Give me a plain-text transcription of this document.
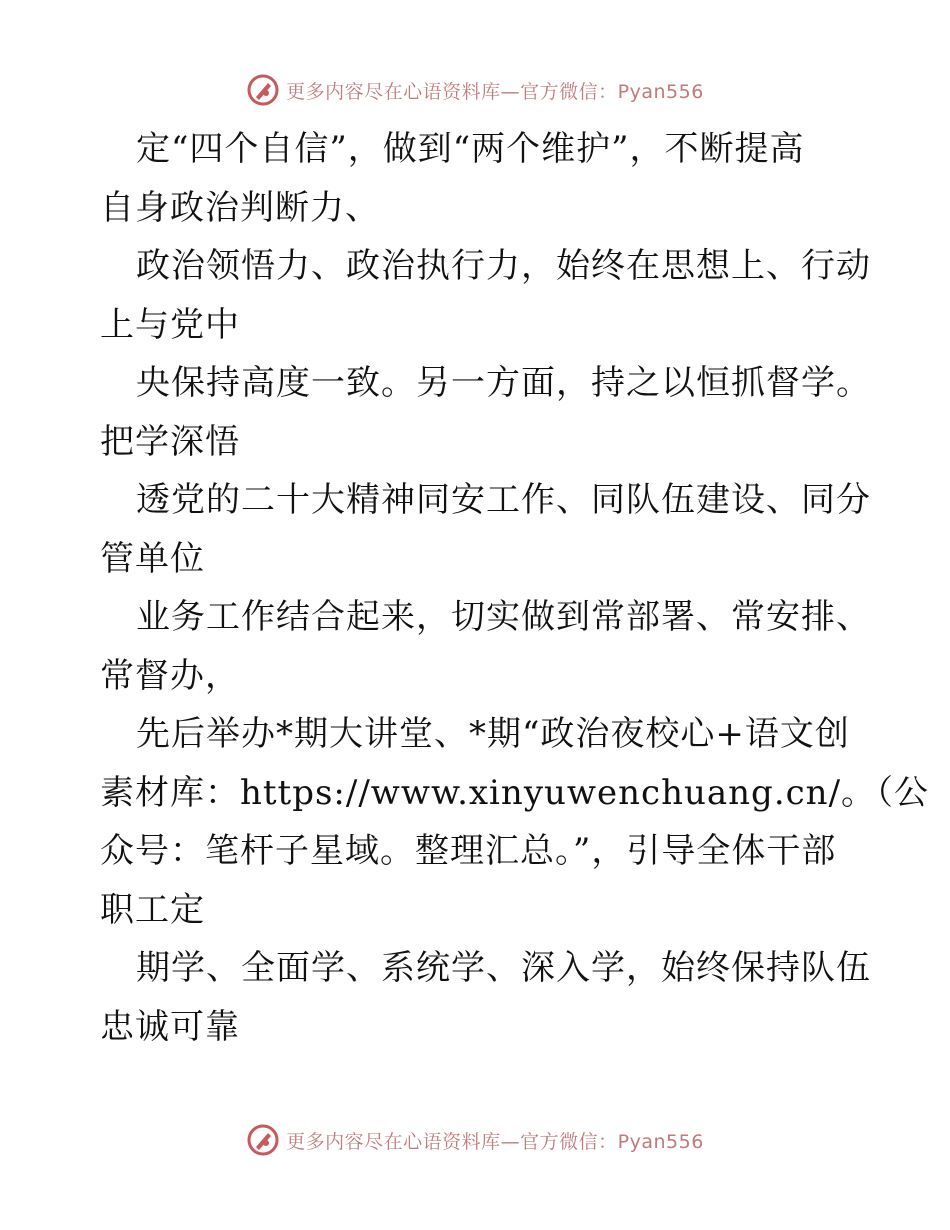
更多内容尽在心语资料库—官方微信：Pyan556
定“四个自信”，做到“两个维护”，不断提高
自身政治判断力、
政治领悟力、政治执行力，始终在思想上、行动
上与党中
央保持高度一致。另一方面，持之以恒抓督学。
把学深悟
透党的二十大精神同安工作、同队伍建设、同分
管单位
业务工作结合起来，切实做到常部署、常安排、
常督办，
先后举办*期大讲堂、*期“政治夜校心+语文创
素材库：https://www.xinyuwenchuang.cn/。（公
众号：笔杆子星域。整理汇总。”，引导全体干部
职工定
期学、全面学、系统学、深入学，始终保持队伍
忠诚可靠
更多内容尽在心语资料库—官方微信：Pyan556
